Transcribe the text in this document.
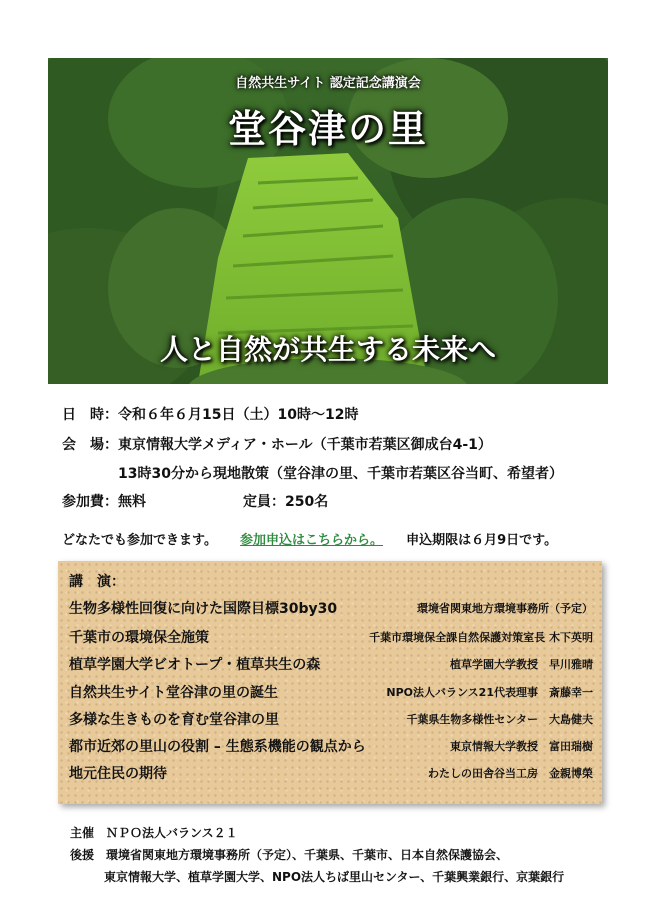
自然共生サイト 認定記念講演会
堂谷津の里
人と自然が共生する未来へ
日　時：令和６年６月15日（土）10時～12時
会　場：東京情報大学メディア・ホール（千葉市若葉区御成台4-1）
13時30分から現地散策（堂谷津の里、千葉市若葉区谷当町、希望者）
参加費：無料	定員：250名
どなたでも参加できます。 参加申込はこちらから。 申込期限は６月9日です。
講　演：
生物多様性回復に向けた国際目標30by30	環境省関東地方環境事務所（予定）
千葉市の環境保全施策	千葉市環境保全課自然保護対策室長 木下英明
植草学園大学ビオトープ・植草共生の森	植草学園大学教授　早川雅晴
自然共生サイト堂谷津の里の誕生	NPO法人バランス21代表理事　斎藤幸一
多様な生きものを育む堂谷津の里	千葉県生物多様性センター　大島健夫
都市近郊の里山の役割 – 生態系機能の観点から	東京情報大学教授　富田瑞樹
地元住民の期待	わたしの田舎谷当工房　金親博榮
主催　ＮＰＯ法人バランス２１
後援　環境省関東地方環境事務所（予定）、千葉県、千葉市、日本自然保護協会、
東京情報大学、植草学園大学、NPO法人ちば里山センター、千葉興業銀行、京葉銀行
